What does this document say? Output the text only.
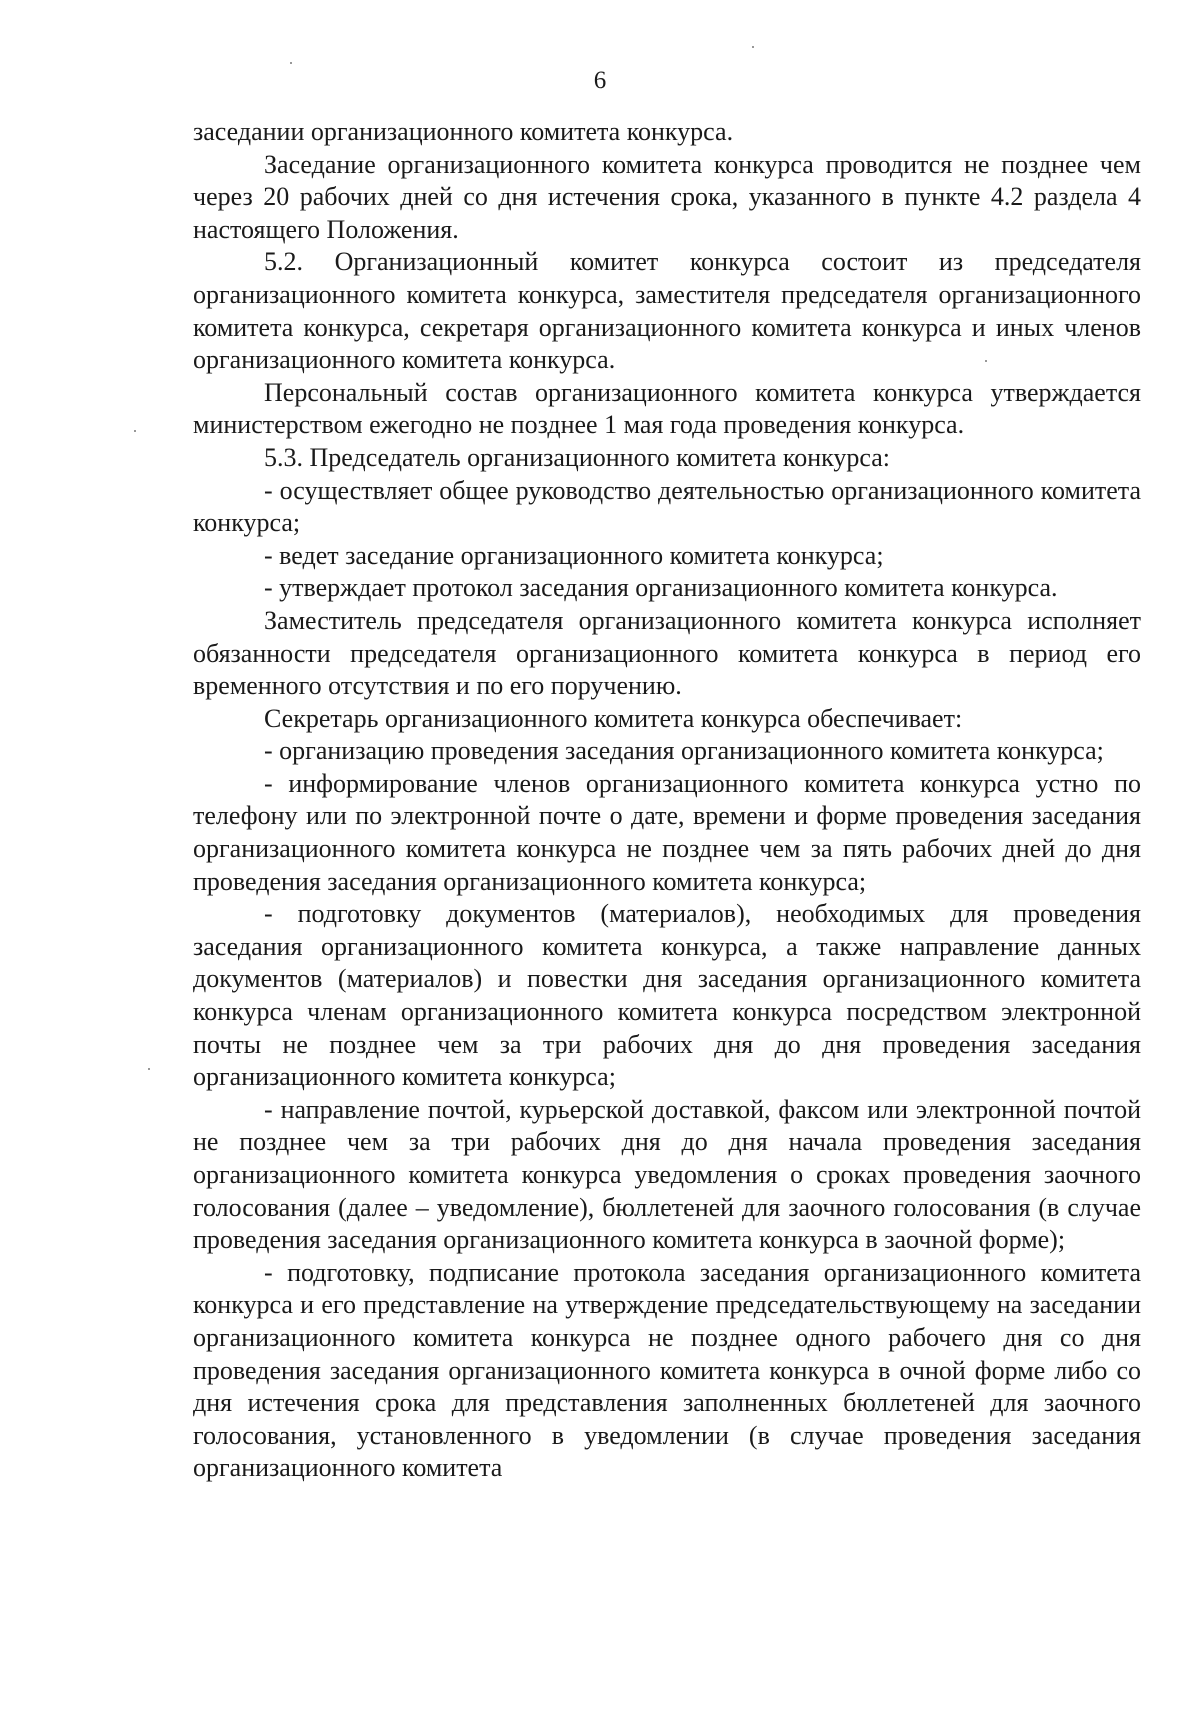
6

заседании организационного комитета конкурса.

Заседание организационного комитета конкурса проводится не позднее чем через 20 рабочих дней со дня истечения срока, указанного в пункте 4.2 раздела 4 настоящего Положения.

5.2. Организационный комитет конкурса состоит из председателя организационного комитета конкурса, заместителя председателя организационного комитета конкурса, секретаря организационного комитета конкурса и иных членов организационного комитета конкурса.

Персональный состав организационного комитета конкурса утверждается министерством ежегодно не позднее 1 мая года проведения конкурса.

5.3. Председатель организационного комитета конкурса:

- осуществляет общее руководство деятельностью организационного комитета конкурса;

- ведет заседание организационного комитета конкурса;

- утверждает протокол заседания организационного комитета конкурса.

Заместитель председателя организационного комитета конкурса исполняет обязанности председателя организационного комитета конкурса в период его временного отсутствия и по его поручению.

Секретарь организационного комитета конкурса обеспечивает:

- организацию проведения заседания организационного комитета конкурса;

- информирование членов организационного комитета конкурса устно по телефону или по электронной почте о дате, времени и форме проведения заседания организационного комитета конкурса не позднее чем за пять рабочих дней до дня проведения заседания организационного комитета конкурса;

- подготовку документов (материалов), необходимых для проведения заседания организационного комитета конкурса, а также направление данных документов (материалов) и повестки дня заседания организационного комитета конкурса членам организационного комитета конкурса посредством электронной почты не позднее чем за три рабочих дня до дня проведения заседания организационного комитета конкурса;

- направление почтой, курьерской доставкой, факсом или электронной почтой не позднее чем за три рабочих дня до дня начала проведения заседания организационного комитета конкурса уведомления о сроках проведения заочного голосования (далее – уведомление), бюллетеней для заочного голосования (в случае проведения заседания организационного комитета конкурса в заочной форме);

- подготовку, подписание протокола заседания организационного комитета конкурса и его представление на утверждение председательствующему на заседании организационного комитета конкурса не позднее одного рабочего дня со дня проведения заседания организационного комитета конкурса в очной форме либо со дня истечения срока для представления заполненных бюллетеней для заочного голосования, установленного в уведомлении (в случае проведения заседания организационного комитета
